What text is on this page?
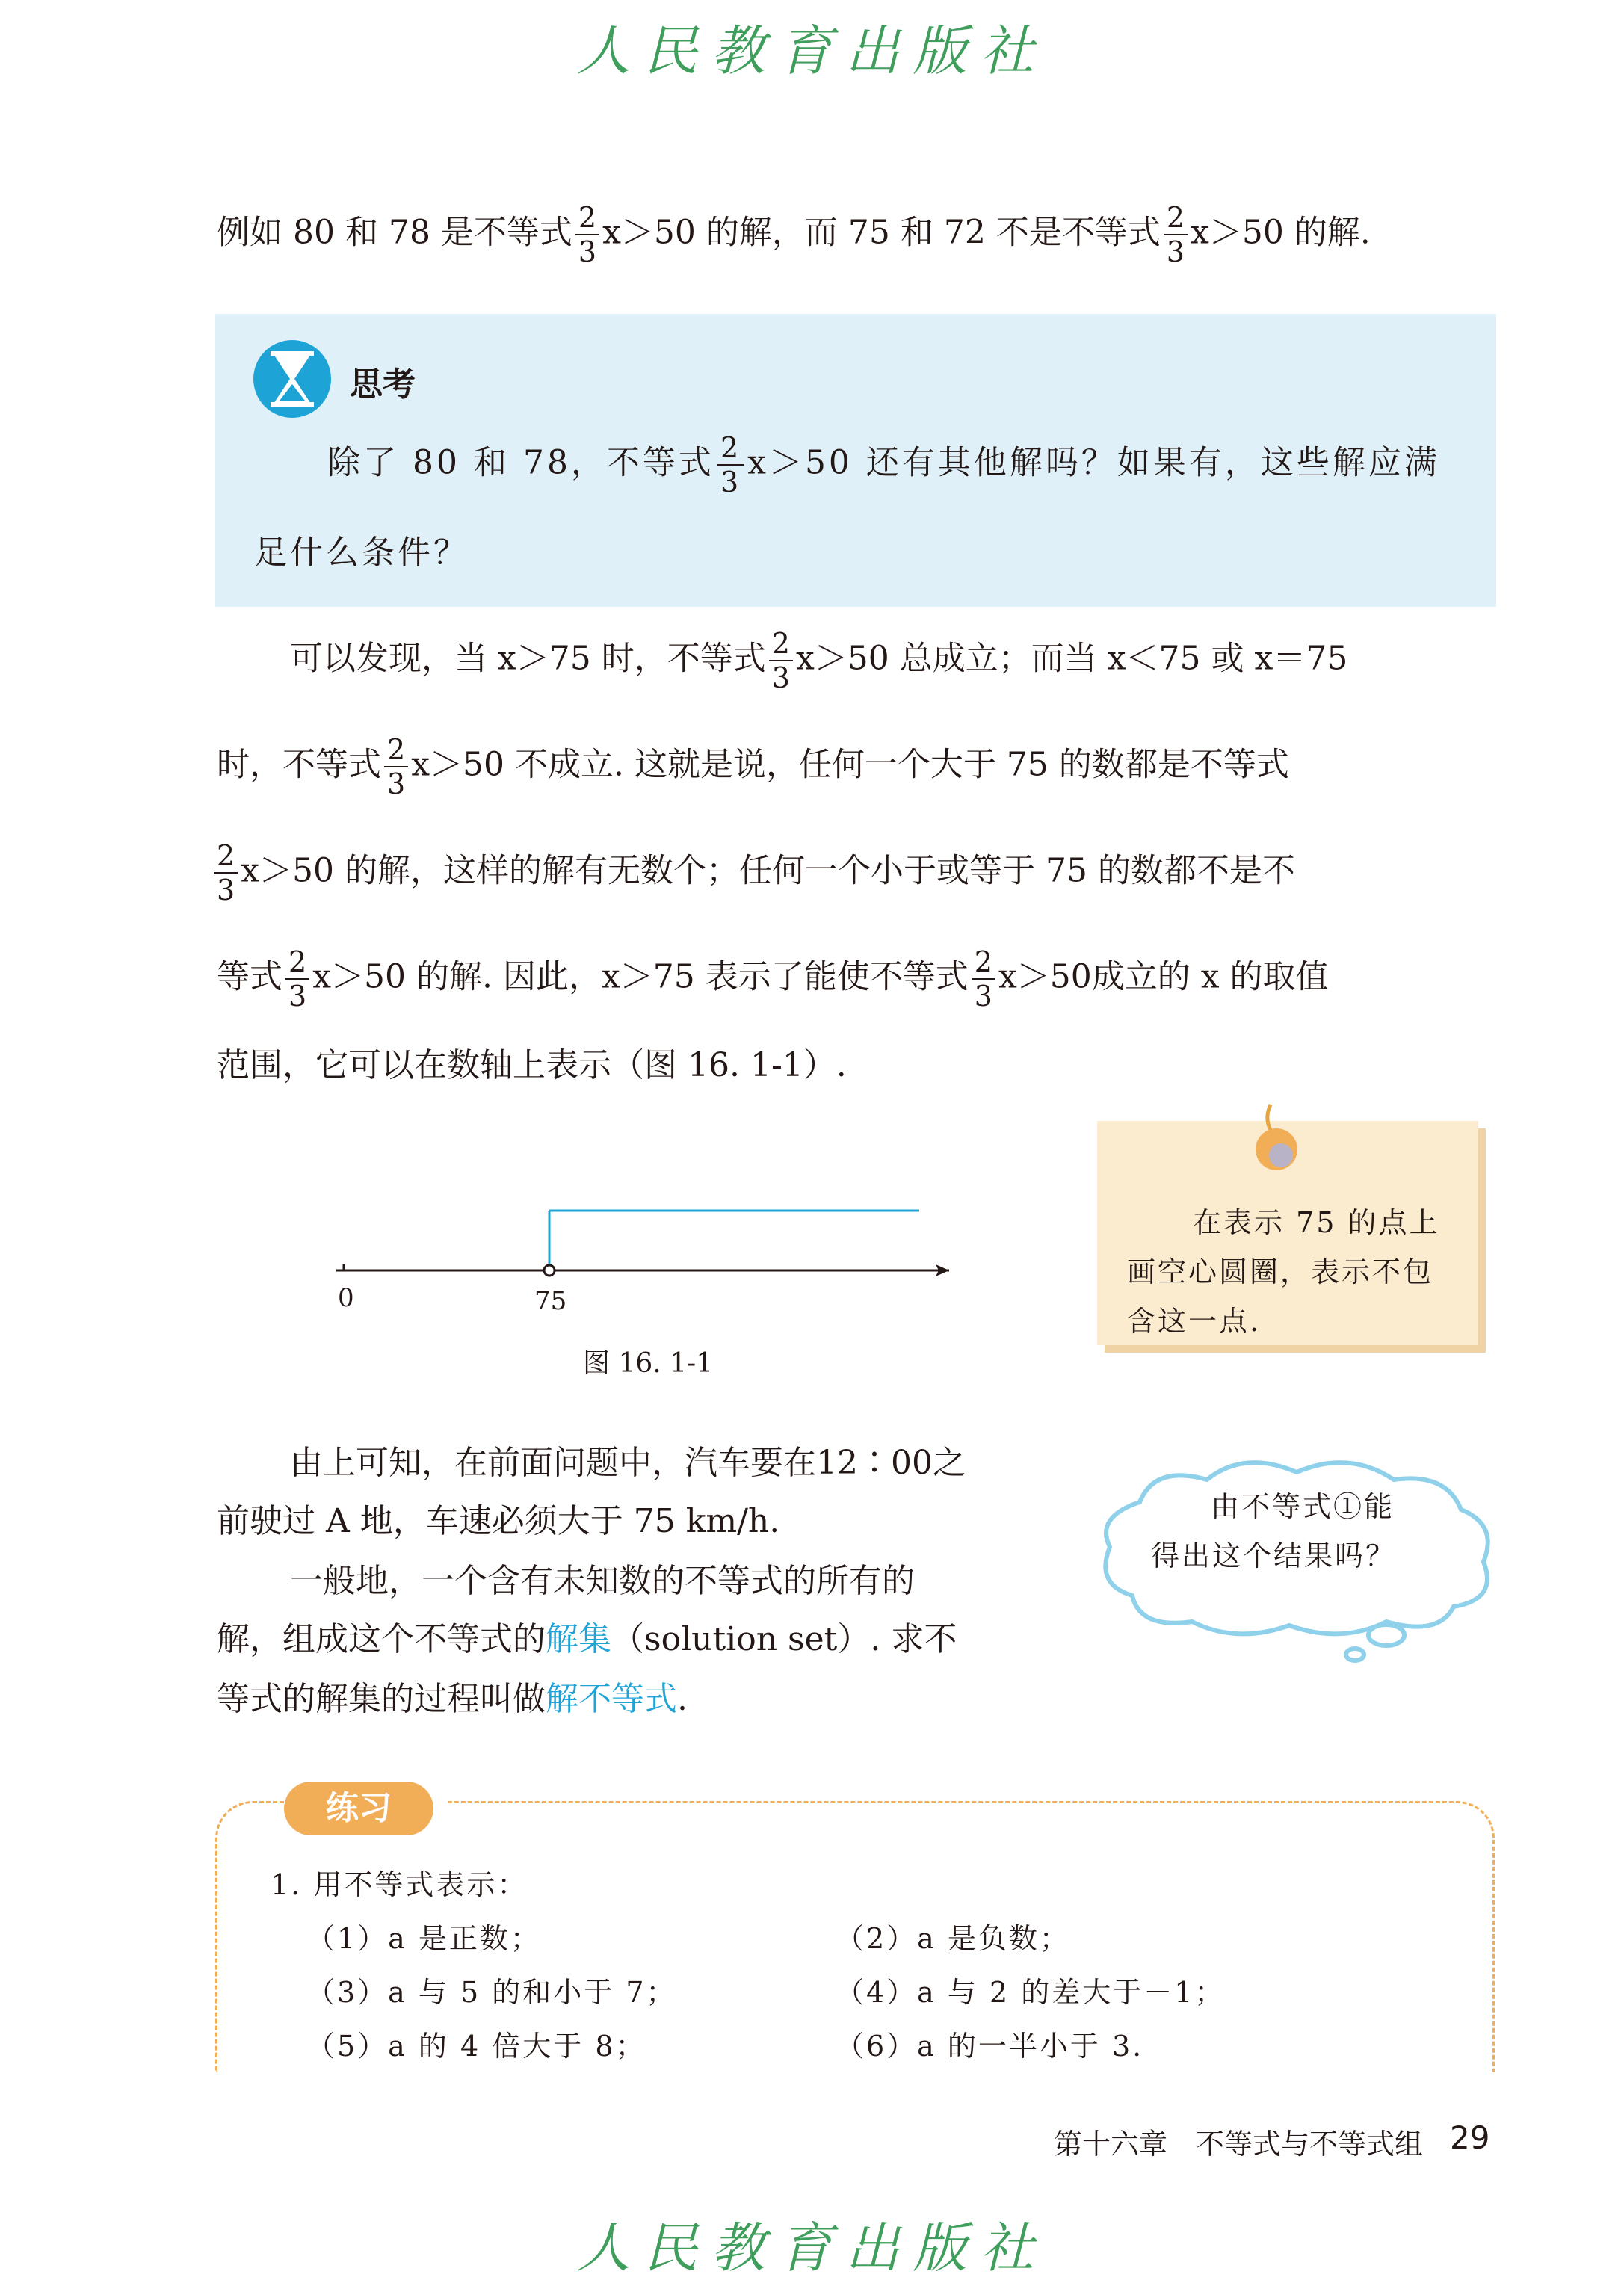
人民教育出版社
例如 80 和 78 是不等式 $\frac{2}{3} x>50$ 的解，而 75 和 72 不是不等式 $\frac{2}{3} x>50$ 的解.
思考
除了 80 和 78，不等式 $\frac{2}{3} x>50$ 还有其他解吗？如果有，这些解应满
足什么条件？
可以发现，当 x＞75 时，不等式 $\frac{2}{3} x>50$ 总成立；而当 x＜75 或 x＝75
时，不等式 $\frac{2}{3} x>50$ 不成立. 这就是说，任何一个大于 75 的数都是不等式
$\frac{2}{3} x>50$ 的解，这样的解有无数个；任何一个小于或等于 75 的数都不是不
等式 $\frac{2}{3} x>50$ 的解. 因此，x＞75 表示了能使不等式 $\frac{2}{3} x>50$成立的 x 的取值
范围，它可以在数轴上表示（图 16. 1-1）.
0	75
图 16. 1-1
在表示 75 的点上
画空心圆圈，表示不包
含这一点.
由不等式①能
得出这个结果吗？
由上可知，在前面问题中，汽车要在12∶00之
前驶过 A 地，车速必须大于 75 km/h.
一般地，一个含有未知数的不等式的所有的
解，组成这个不等式的解集（solution set）. 求不
等式的解集的过程叫做解不等式.
练习
1. 用不等式表示：
（1）a 是正数；	（2）a 是负数；
（3）a 与 5 的和小于 7；	（4）a 与 2 的差大于－1；
（5）a 的 4 倍大于 8；	（6）a 的一半小于 3.
第十六章　不等式与不等式组 29
人民教育出版社
